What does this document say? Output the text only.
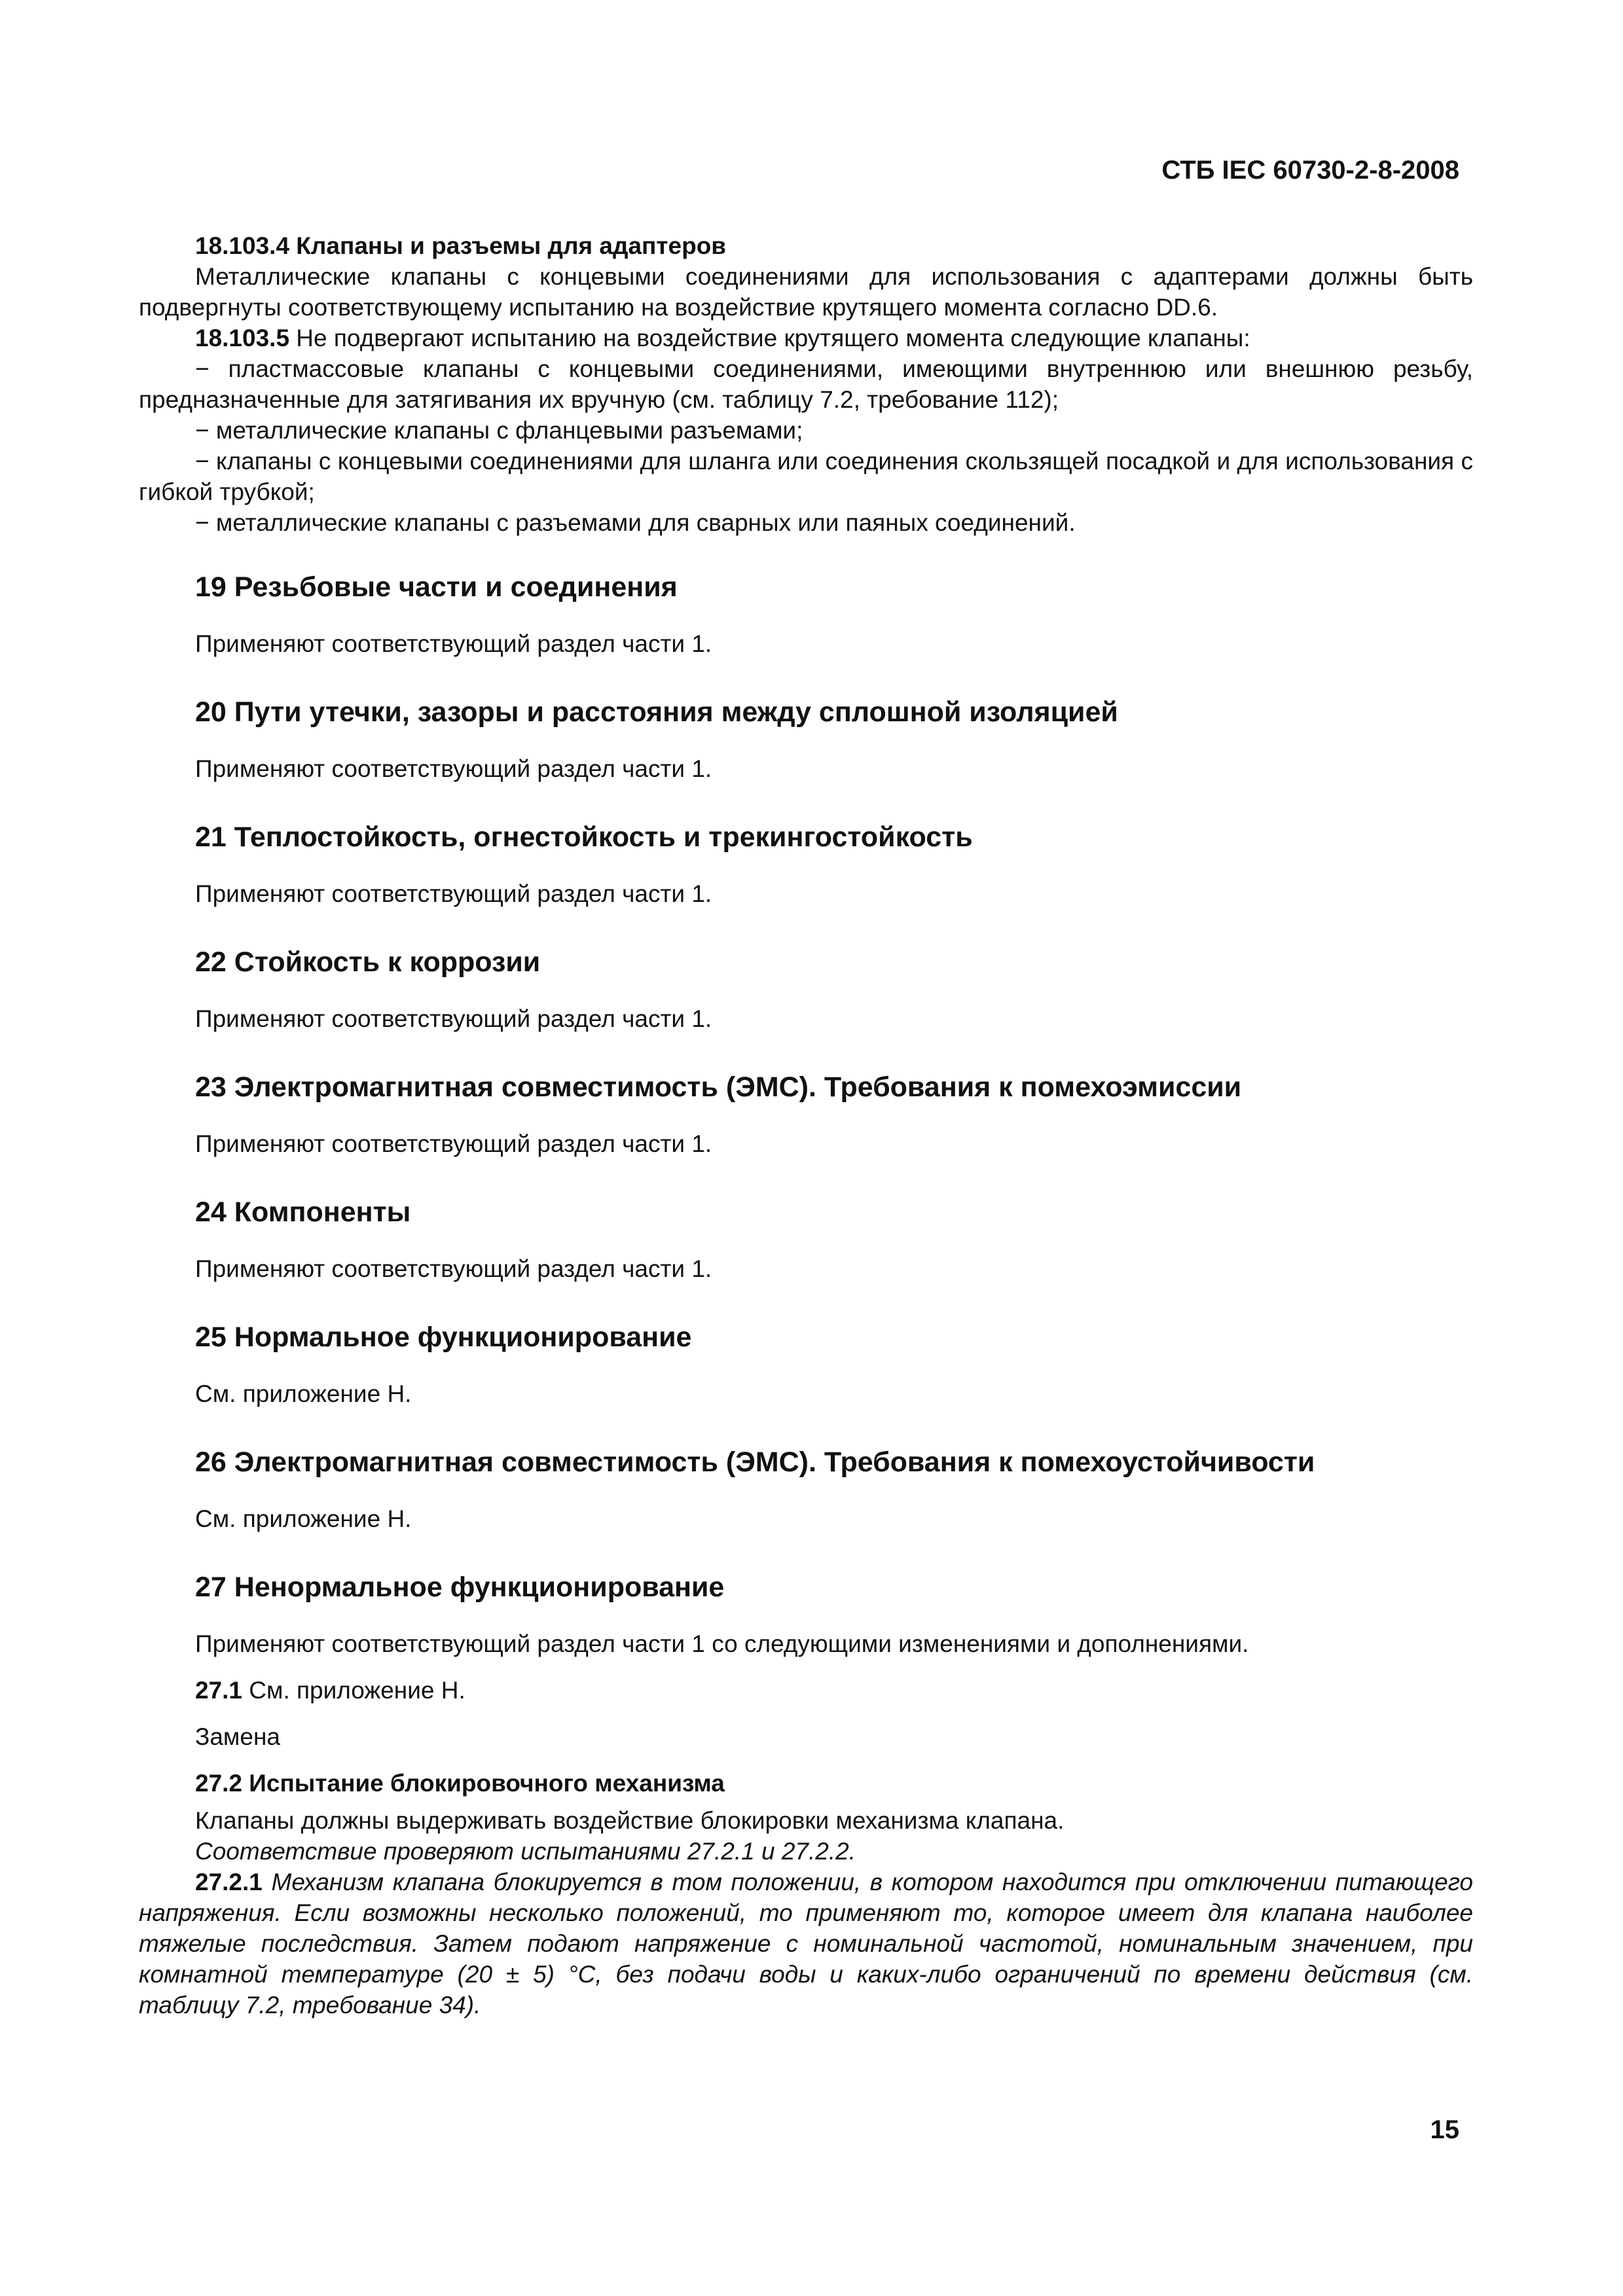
СТБ IEC 60730-2-8-2008

18.103.4 Клапаны и разъемы для адаптеров

Металлические клапаны с концевыми соединениями для использования с адаптерами должны быть подвергнуты соответствующему испытанию на воздействие крутящего момента согласно DD.6.

18.103.5 Не подвергают испытанию на воздействие крутящего момента следующие клапаны:

− пластмассовые клапаны с концевыми соединениями, имеющими внутреннюю или внешнюю резьбу, предназначенные для затягивания их вручную (см. таблицу 7.2, требование 112);

− металлические клапаны с фланцевыми разъемами;

− клапаны с концевыми соединениями для шланга или соединения скользящей посадкой и для использования с гибкой трубкой;

− металлические клапаны с разъемами для сварных или паяных соединений.

19 Резьбовые части и соединения

Применяют соответствующий раздел части 1.

20 Пути утечки, зазоры и расстояния между сплошной изоляцией

Применяют соответствующий раздел части 1.

21 Теплостойкость, огнестойкость и трекингостойкость

Применяют соответствующий раздел части 1.

22 Стойкость к коррозии

Применяют соответствующий раздел части 1.

23 Электромагнитная совместимость (ЭМС). Требования к помехоэмиссии

Применяют соответствующий раздел части 1.

24 Компоненты

Применяют соответствующий раздел части 1.

25 Нормальное функционирование

См. приложение Н.

26 Электромагнитная совместимость (ЭМС). Требования к помехоустойчивости

См. приложение Н.

27 Ненормальное функционирование

Применяют соответствующий раздел части 1 со следующими изменениями и дополнениями.

27.1 См. приложение Н.

Замена

27.2 Испытание блокировочного механизма

Клапаны должны выдерживать воздействие блокировки механизма клапана.

Соответствие проверяют испытаниями 27.2.1 и 27.2.2.

27.2.1 Механизм клапана блокируется в том положении, в котором находится при отключении питающего напряжения. Если возможны несколько положений, то применяют то, которое имеет для клапана наиболее тяжелые последствия. Затем подают напряжение с номинальной частотой, номинальным значением, при комнатной температуре (20 ± 5) °С, без подачи воды и каких-либо ограничений по времени действия (см. таблицу 7.2, требование 34).

15
